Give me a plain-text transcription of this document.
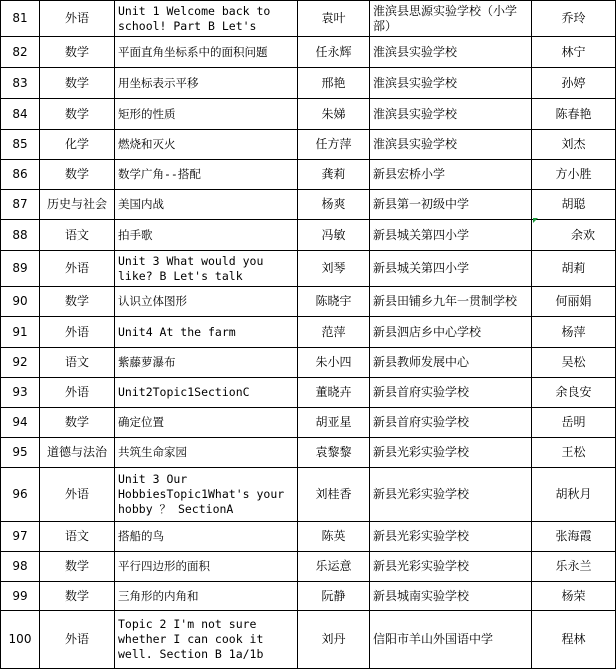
81	外语	Unit 1 Welcome back to school! Part B Let's	袁叶	淮滨县思源实验学校（小学部）	乔玲
82	数学	平面直角坐标系中的面积问题	任永辉	淮滨县实验学校	林宁
83	数学	用坐标表示平移	邢艳	淮滨县实验学校	孙婷
84	数学	矩形的性质	朱娣	淮滨县实验学校	陈春艳
85	化学	燃烧和灭火	任方萍	淮滨县实验学校	刘杰
86	数学	数学广角--搭配	龚莉	新县宏桥小学	方小胜
87	历史与社会	美国内战	杨爽	新县第一初级中学	胡聪
88	语文	拍手歌	冯敏	新县城关第四小学	余欢
89	外语	Unit 3 What would you like? B Let's talk	刘琴	新县城关第四小学	胡莉
90	数学	认识立体图形	陈晓宇	新县田铺乡九年一贯制学校	何丽娟
91	外语	Unit4 At the farm	范萍	新县泗店乡中心学校	杨萍
92	语文	紫藤萝瀑布	朱小四	新县教师发展中心	吴松
93	外语	Unit2Topic1SectionC	董晓卉	新县首府实验学校	余良安
94	数学	确定位置	胡亚星	新县首府实验学校	岳明
95	道德与法治	共筑生命家园	袁黎黎	新县光彩实验学校	王松
96	外语	Unit 3 Our HobbiesTopic1What's your hobby ？ SectionA	刘桂香	新县光彩实验学校	胡秋月
97	语文	搭船的鸟	陈英	新县光彩实验学校	张海霞
98	数学	平行四边形的面积	乐运意	新县光彩实验学校	乐永兰
99	数学	三角形的内角和	阮静	新县城南实验学校	杨荣
100	外语	Topic 2 I'm not sure whether I can cook it well. Section B 1a/1b	刘丹	信阳市羊山外国语中学	程林
